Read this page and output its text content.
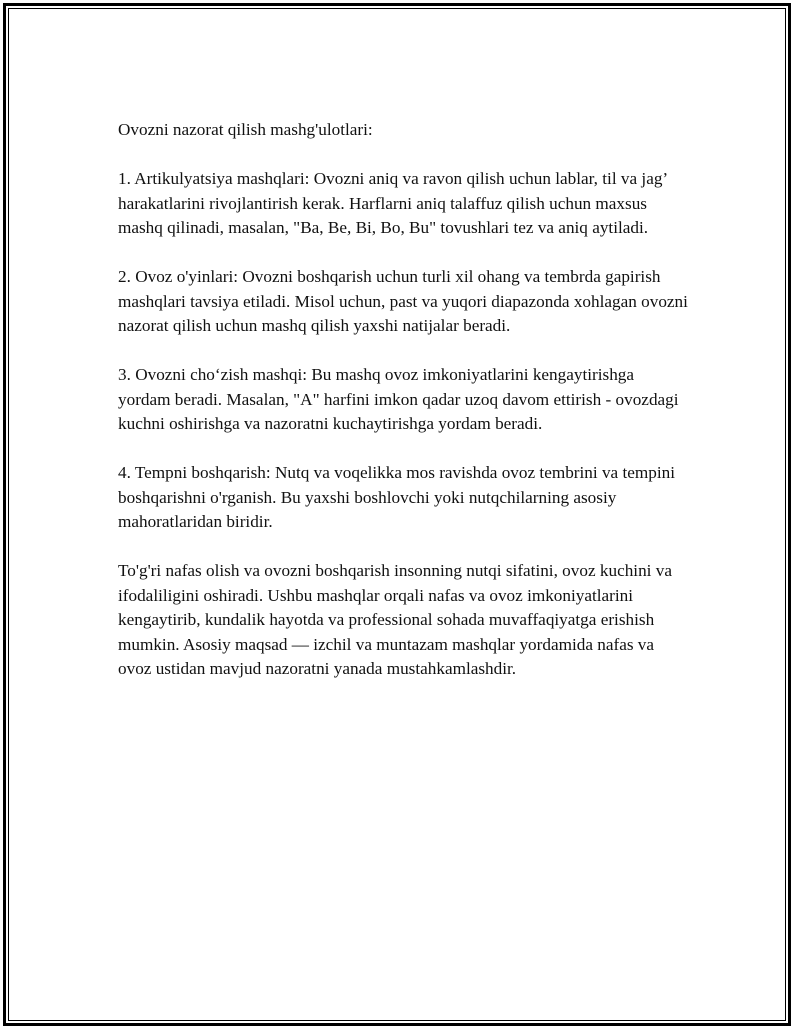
Ovozni nazorat qilish mashg'ulotlari:

1. Artikulyatsiya mashqlari: Ovozni aniq va ravon qilish uchun lablar, til va jag’ harakatlarini rivojlantirish kerak. Harflarni aniq talaffuz qilish uchun maxsus mashq qilinadi, masalan, "Ba, Be, Bi, Bo, Bu" tovushlari tez va aniq aytiladi.

2. Ovoz o'yinlari: Ovozni boshqarish uchun turli xil ohang va tembrda gapirish mashqlari tavsiya etiladi. Misol uchun, past va yuqori diapazonda xohlagan ovozni nazorat qilish uchun mashq qilish yaxshi natijalar beradi.

3. Ovozni cho‘zish mashqi: Bu mashq ovoz imkoniyatlarini kengaytirishga yordam beradi. Masalan, "A" harfini imkon qadar uzoq davom ettirish - ovozdagi kuchni oshirishga va nazoratni kuchaytirishga yordam beradi.

4. Tempni boshqarish: Nutq va voqelikka mos ravishda ovoz tembrini va tempini boshqarishni o'rganish. Bu yaxshi boshlovchi yoki nutqchilarning asosiy mahoratlaridan biridir.

To'g'ri nafas olish va ovozni boshqarish insonning nutqi sifatini, ovoz kuchini va ifodaliligini oshiradi. Ushbu mashqlar orqali nafas va ovoz imkoniyatlarini kengaytirib, kundalik hayotda va professional sohada muvaffaqiyatga erishish mumkin. Asosiy maqsad — izchil va muntazam mashqlar yordamida nafas va ovoz ustidan mavjud nazoratni yanada mustahkamlashdir.
